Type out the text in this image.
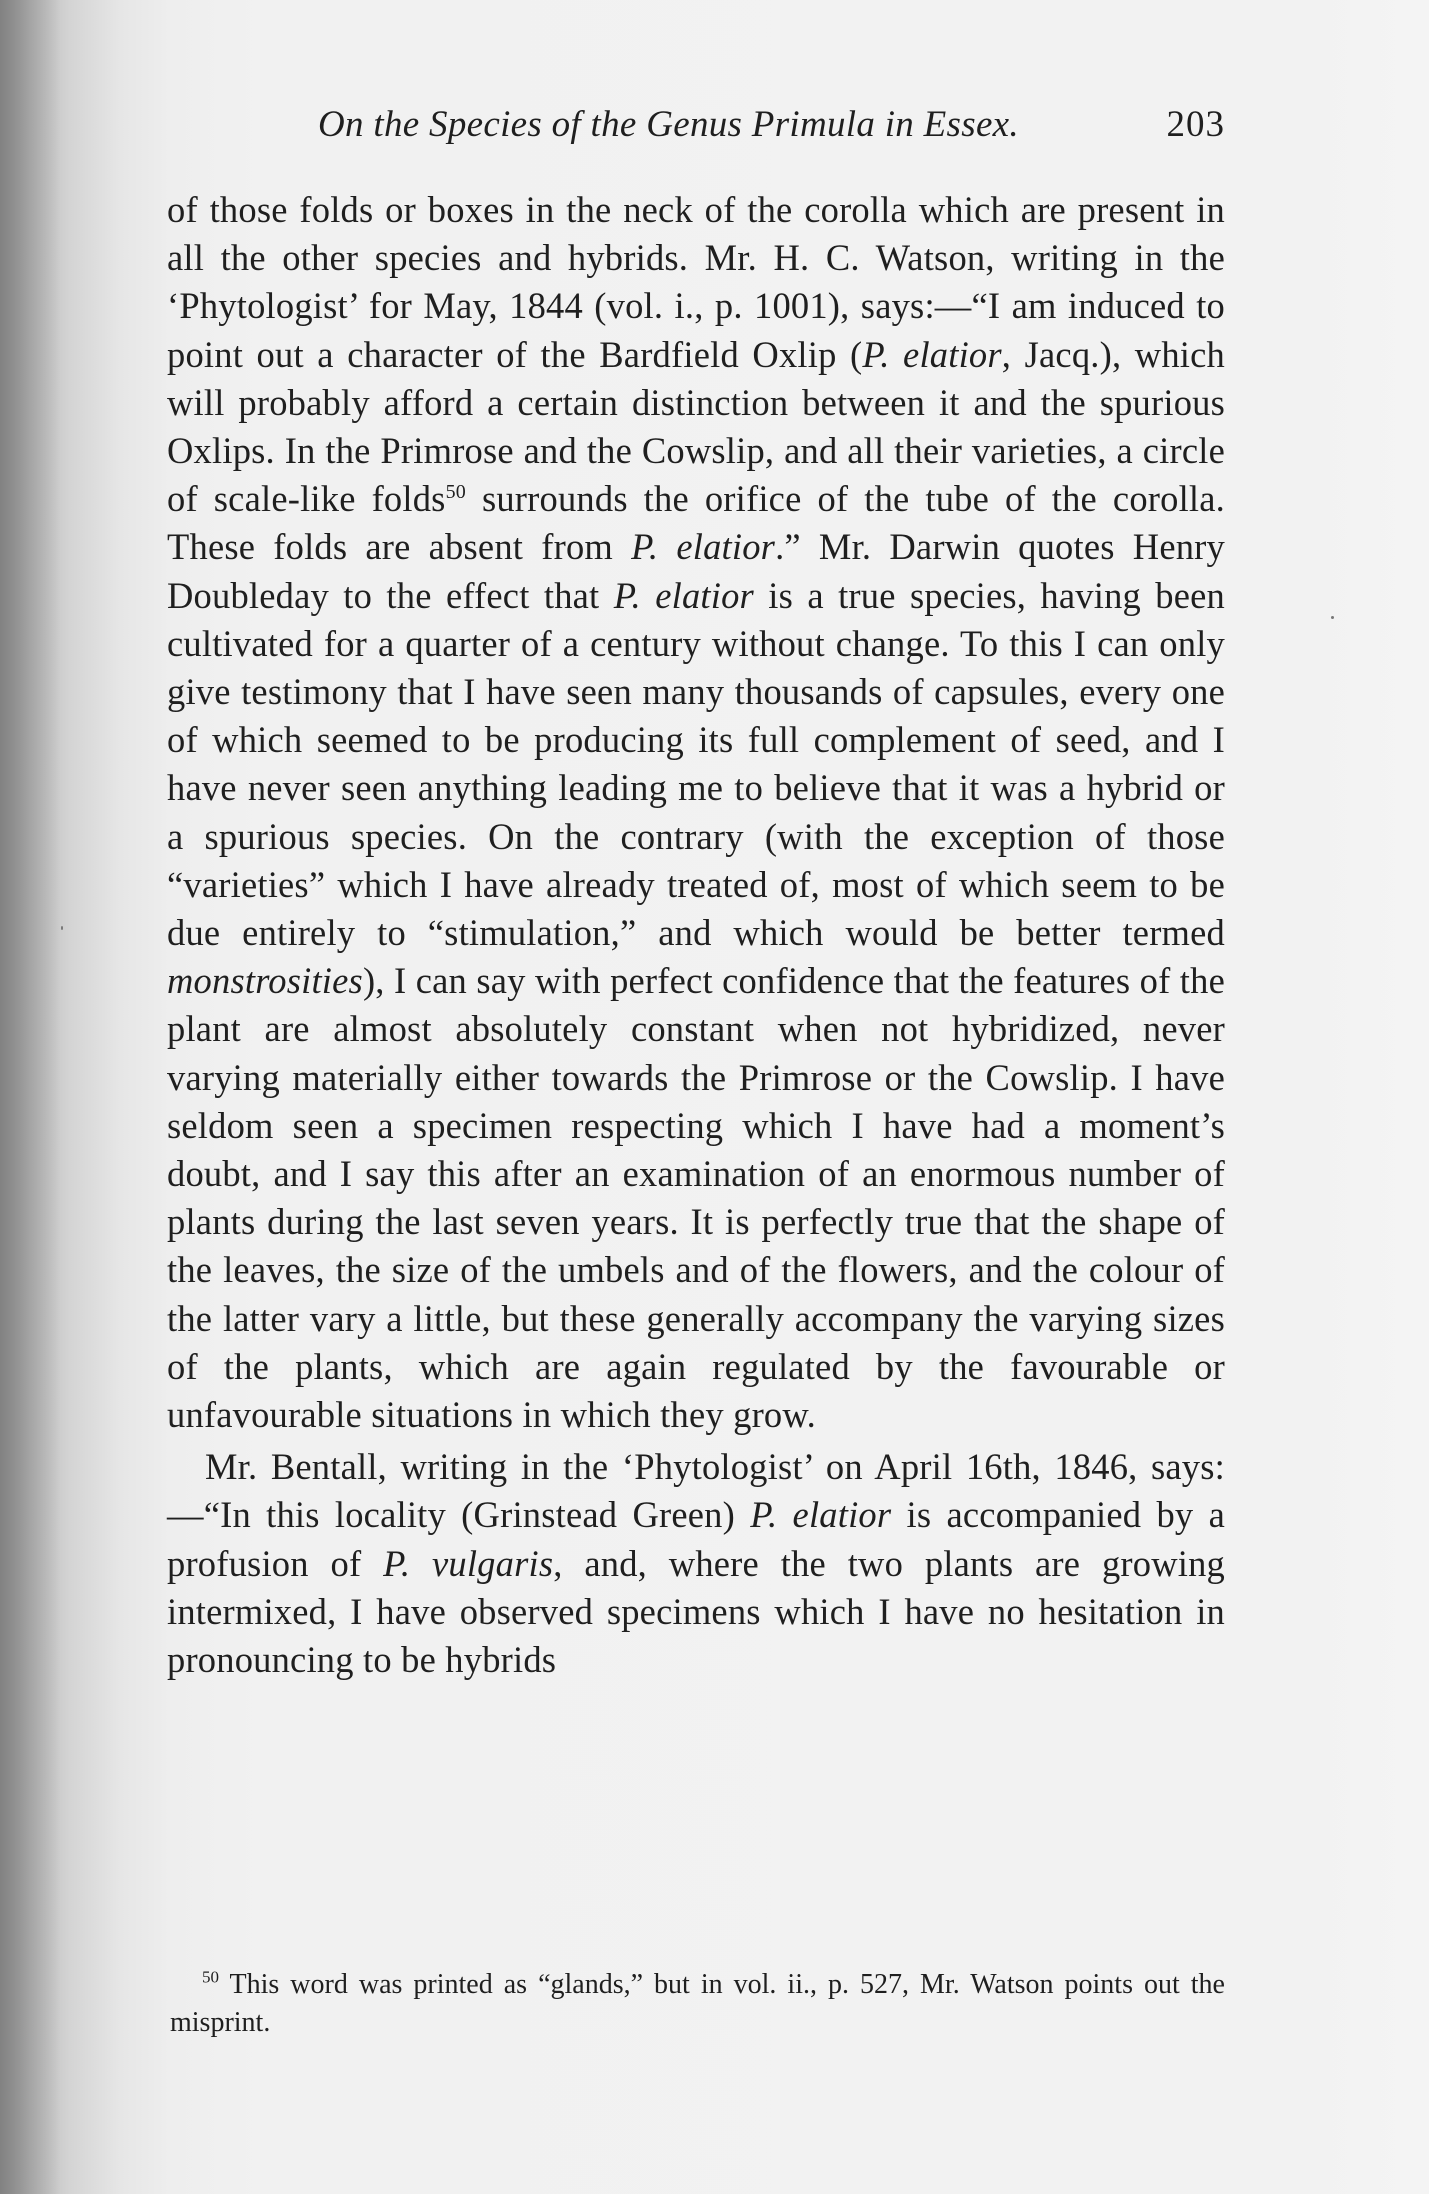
On the Species of the Genus Primula in Essex.	203

of those folds or boxes in the neck of the corolla which are present in all the other species and hybrids. Mr. H. C. Watson, writing in the ‘Phytologist’ for May, 1844 (vol. i., p. 1001), says:—“I am induced to point out a character of the Bardfield Oxlip (P. elatior, Jacq.), which will probably afford a certain distinction between it and the spurious Oxlips. In the Primrose and the Cowslip, and all their varieties, a circle of scale-like folds$^{50}$ surrounds the orifice of the tube of the corolla. These folds are absent from P. elatior.” Mr. Darwin quotes Henry Doubleday to the effect that P. elatior is a true species, having been cultivated for a quarter of a century without change. To this I can only give testimony that I have seen many thousands of capsules, every one of which seemed to be producing its full complement of seed, and I have never seen anything leading me to believe that it was a hybrid or a spurious species. On the contrary (with the exception of those “varieties” which I have already treated of, most of which seem to be due entirely to “stimulation,” and which would be better termed monstrosities), I can say with perfect confidence that the features of the plant are almost absolutely constant when not hybridized, never varying materially either towards the Primrose or the Cowslip. I have seldom seen a specimen respecting which I have had a moment’s doubt, and I say this after an examination of an enormous number of plants during the last seven years. It is perfectly true that the shape of the leaves, the size of the umbels and of the flowers, and the colour of the latter vary a little, but these generally accompany the varying sizes of the plants, which are again regulated by the favourable or unfavourable situations in which they grow.

Mr. Bentall, writing in the ‘Phytologist’ on April 16th, 1846, says:—“In this locality (Grinstead Green) P. elatior is accompanied by a profusion of P. vulgaris, and, where the two plants are growing intermixed, I have observed specimens which I have no hesitation in pronouncing to be hybrids

$^{50}$ This word was printed as “glands,” but in vol. ii., p. 527, Mr. Watson points out the misprint.
